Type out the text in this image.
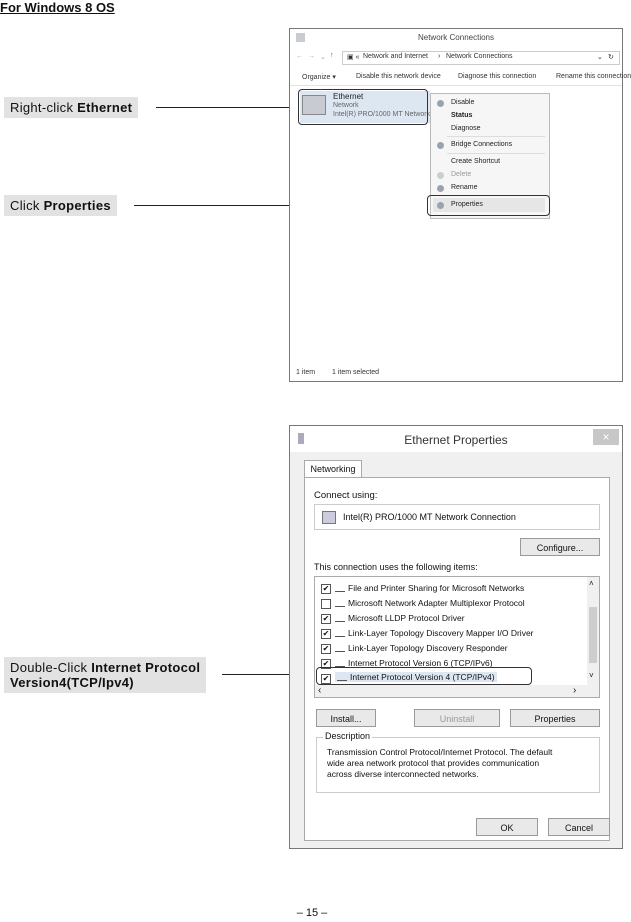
For Windows 8 OS
Right-click Ethernet
Click Properties
Double-Click Internet Protocol
Version4(TCP/Ipv4)
Network Connections
← → ⌄ ↑ ▣ « Network and Internet › Network Connections	⌄ ↻
Organize ▾	Disable this network device Diagnose this connection	Rename this connection
Ethernet
Network
Intel(R) PRO/1000 MT Network
Disable
Status
Diagnose
Bridge Connections
Create Shortcut
Delete
Rename
Properties
1 item 1 item selected
Ethernet Properties	×
Networking
Connect using:
Intel(R) PRO/1000 MT Network Connection
Configure...
This connection uses the following items:
✔	File and Printer Sharing for Microsoft Networks
Microsoft Network Adapter Multiplexor Protocol
✔	Microsoft LLDP Protocol Driver
✔	Link-Layer Topology Discovery Mapper I/O Driver
✔	Link-Layer Topology Discovery Responder
✔	Internet Protocol Version 6 (TCP/IPv6)
✔	Internet Protocol Version 4 (TCP/IPv4)
˄
˅
‹	›
Install...	Uninstall	Properties
Description
Transmission Control Protocol/Internet Protocol. The default
wide area network protocol that provides communication
across diverse interconnected networks.
OK	Cancel
– 15 –
